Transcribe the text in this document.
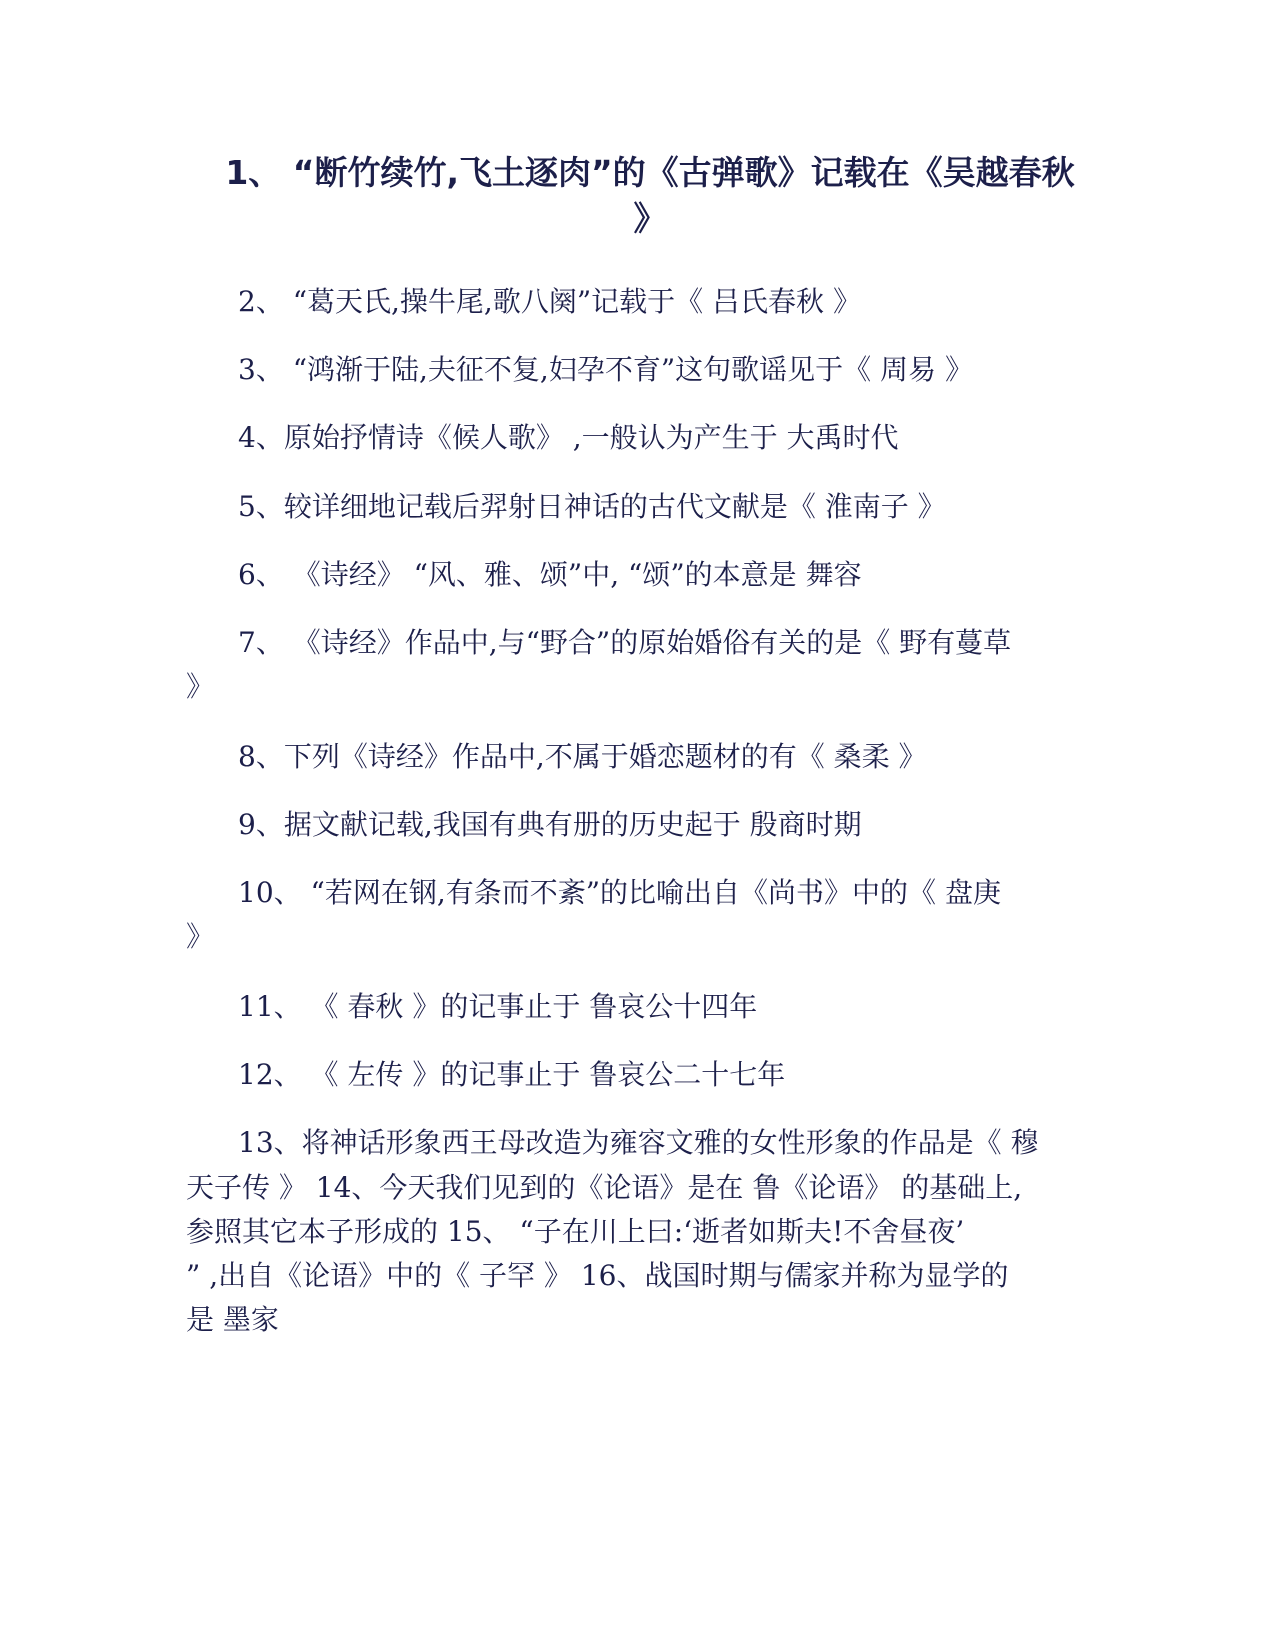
1、 “断竹续竹,飞土逐肉”的《古弹歌》记载在《吴越春秋 》

2、 “葛天氏,操牛尾,歌八阕”记载于《 吕氏春秋 》

3、 “鸿渐于陆,夫征不复,妇孕不育”这句歌谣见于《 周易 》

4、原始抒情诗《候人歌》 ,一般认为产生于 大禹时代

5、较详细地记载后羿射日神话的古代文献是《 淮南子 》

6、 《诗经》 “风、雅、颂”中, “颂”的本意是 舞容

7、 《诗经》作品中,与“野合”的原始婚俗有关的是《 野有蔓草

》

8、下列《诗经》作品中,不属于婚恋题材的有《 桑柔 》

9、据文献记载,我国有典有册的历史起于 殷商时期

10、 “若网在钢,有条而不紊”的比喻出自《尚书》中的《 盘庚

》

11、 《 春秋 》的记事止于 鲁哀公十四年

12、 《 左传 》的记事止于 鲁哀公二十七年

13、将神话形象西王母改造为雍容文雅的女性形象的作品是《 穆

天子传 》 14、今天我们见到的《论语》是在 鲁《论语》 的基础上,

参照其它本子形成的 15、 “子在川上曰:‘逝者如斯夫!不舍昼夜’

” ,出自《论语》中的《 子罕 》 16、战国时期与儒家并称为显学的

是 墨家
